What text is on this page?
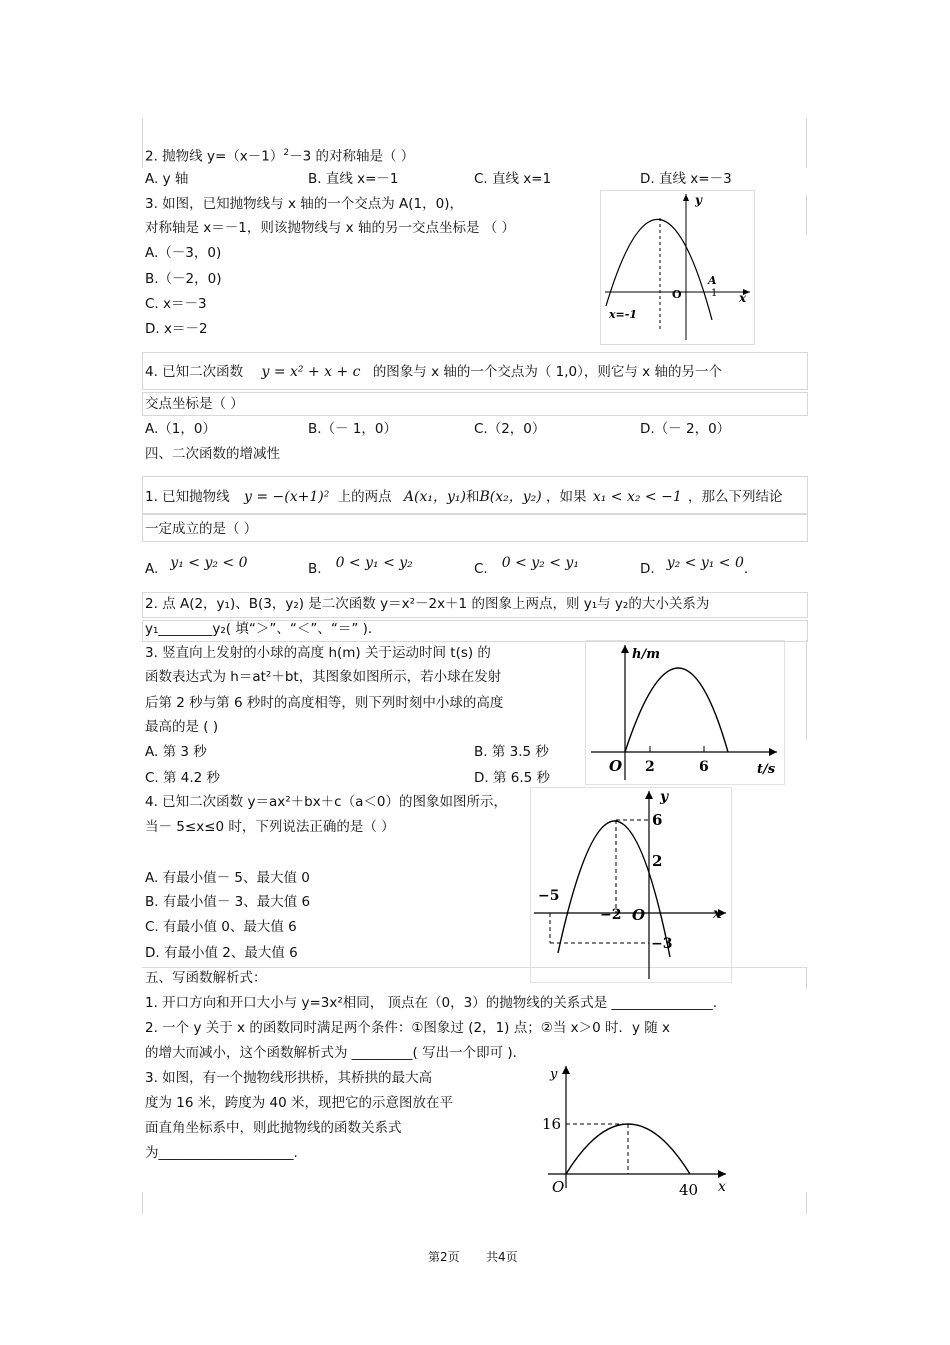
2. 抛物线 $y=(x-1)^2-3$ 的对称轴是（ ）
A. y 轴	B. 直线 x=－1	C. 直线 x=1	D. 直线 x=－3
3. 如图，已知抛物线与 x 轴的一个交点为 A(1，0)，
对称轴是 x＝－1，则该抛物线与 x 轴的另一交点坐标是 （ ）
A.（－3，0)
B.（－2，0)
C. x＝－3
D. x＝－2
y
x
O
A
1
x=-1
4. 已知二次函数 y = x² + x + c 的图象与 x 轴的一个交点为（ 1,0），则它与 x 轴的另一个
交点坐标是（ ）
A.（1，0）	B.（－ 1，0）	C.（2，0）	D.（－ 2，0）
四、二次函数的增减性
1. 已知抛物线 y = −(x+1)² 上的两点 A(x₁，y₁)和B(x₂，y₂) ，如果 x₁ < x₂ < −1 ，那么下列结论
一定成立的是（ ）
A. y₁ < y₂ < 0	B. 0 < y₁ < y₂	C. 0 < y₂ < y₁	D. y₂ < y₁ < 0.
2. 点 A(2，y₁)、B(3，y₂) 是二次函数 y＝x²－2x＋1 的图象上两点，则 y₁与 y₂的大小关系为
y₁________y₂( 填“＞”、“＜”、“＝” )．
3. 竖直向上发射的小球的高度 h(m) 关于运动时间 t(s) 的
函数表达式为 h＝at²＋bt，其图象如图所示，若小球在发射
后第 2 秒与第 6 秒时的高度相等，则下列时刻中小球的高度
最高的是 ( )
A. 第 3 秒	B. 第 3.5 秒
C. 第 4.2 秒	D. 第 6.5 秒
h/m
t/s
O 2	6
4. 已知二次函数 y＝ax²＋bx＋c（a＜0）的图象如图所示，
当－ 5≤x≤0 时，下列说法正确的是（ ）
A. 有最小值－ 5、最大值 0
B. 有最小值－ 3、最大值 6
C. 有最小值 0、最大值 6
D. 有最小值 2、最大值 6
y
x
O
6
2
−5
−2
−3
五、写函数解析式：
1. 开口方向和开口大小与 y=3x²相同， 顶点在（0，3）的抛物线的关系式是 _______________.
2. 一个 y 关于 x 的函数同时满足两个条件：①图象过 (2，1) 点；②当 x＞0 时．y 随 x
的增大而减小，这个函数解析式为 _________( 写出一个即可 )．
3. 如图，有一个抛物线形拱桥，其桥拱的最大高
度为 16 米，跨度为 40 米，现把它的示意图放在平
面直角坐标系中，则此抛物线的函数关系式
为____________________.
y
x
O
16
40
第2页 共4页
